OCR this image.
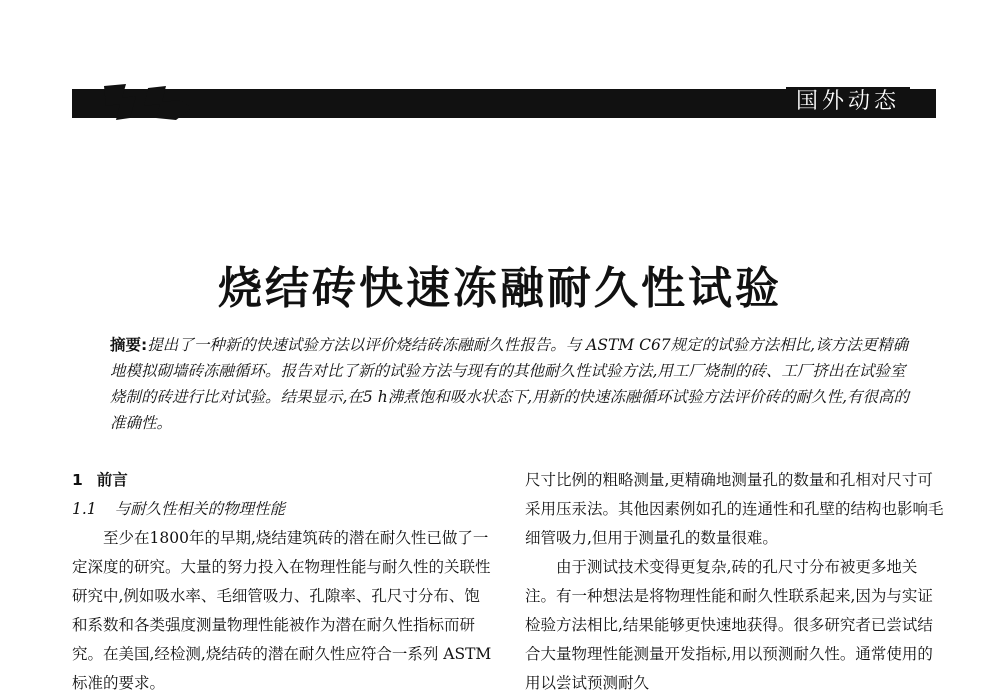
国外动态
烧结砖快速冻融耐久性试验
摘要:提出了一种新的快速试验方法以评价烧结砖冻融耐久性报告。与 ASTM C67规定的试验方法相比,该方法更精确地模拟砌墙砖冻融循环。报告对比了新的试验方法与现有的其他耐久性试验方法,用工厂烧制的砖、工厂挤出在试验室烧制的砖进行比对试验。结果显示,在5 h沸煮饱和吸水状态下,用新的快速冻融循环试验方法评价砖的耐久性,有很高的准确性。

1 前言

1.1 与耐久性相关的物理性能

至少在1800年的早期,烧结建筑砖的潜在耐久性已做了一定深度的研究。大量的努力投入在物理性能与耐久性的关联性研究中,例如吸水率、毛细管吸力、孔隙率、孔尺寸分布、饱和系数和各类强度测量物理性能被作为潜在耐久性指标而研究。在美国,经检测,烧结砖的潜在耐久性应符合一系列 ASTM 标准的要求。

尺寸比例的粗略测量,更精确地测量孔的数量和孔相对尺寸可采用压汞法。其他因素例如孔的连通性和孔壁的结构也影响毛细管吸力,但用于测量孔的数量很难。

由于测试技术变得更复杂,砖的孔尺寸分布被更多地关注。有一种想法是将物理性能和耐久性联系起来,因为与实证检验方法相比,结果能够更快速地获得。很多研究者已尝试结合大量物理性能测量开发指标,用以预测耐久性。通常使用的用以尝试预测耐久
